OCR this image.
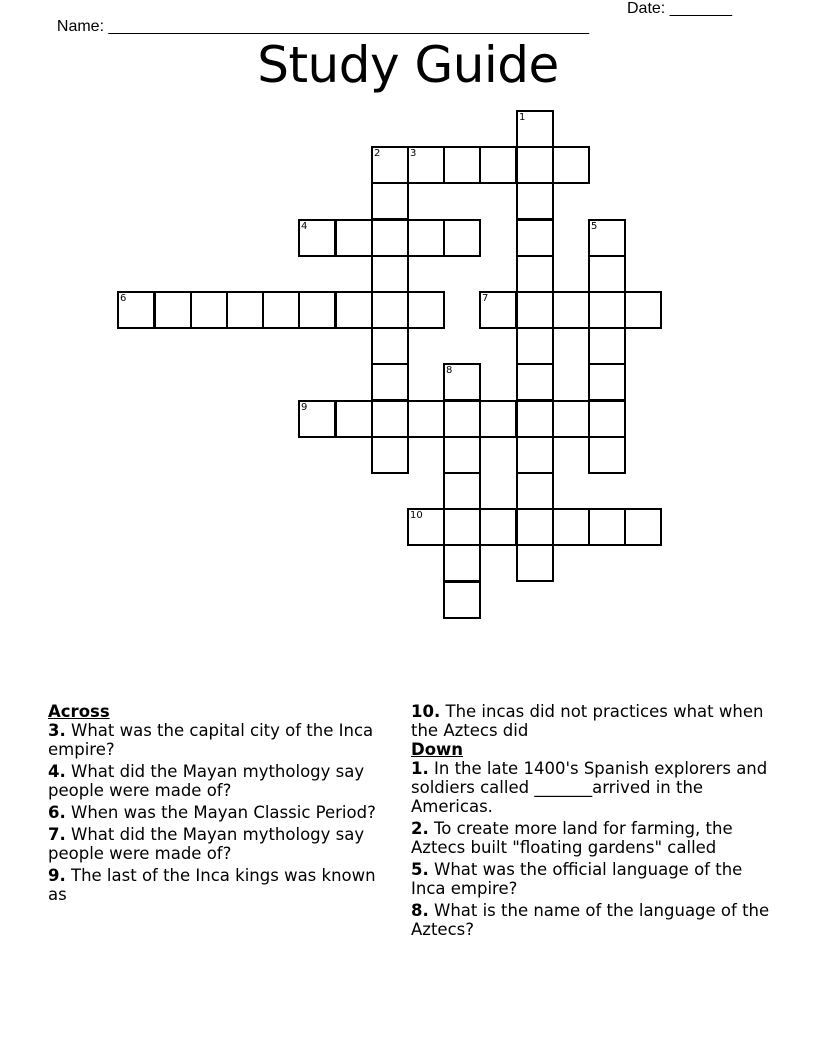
Name: ______________________________________________________

Date: _______

Study Guide
1
2	3
4	5
6	7
8
9
10
Across
3. What was the capital city of the Inca empire?
4. What did the Mayan mythology say people were made of?
6. When was the Mayan Classic Period?
7. What did the Mayan mythology say people were made of?
9. The last of the Inca kings was known as
10. The incas did not practices what when the Aztecs did
Down
1. In the late 1400's Spanish explorers and soldiers called _______arrived in the Americas.
2. To create more land for farming, the Aztecs built "floating gardens" called
5. What was the official language of the Inca empire?
8. What is the name of the language of the Aztecs?
